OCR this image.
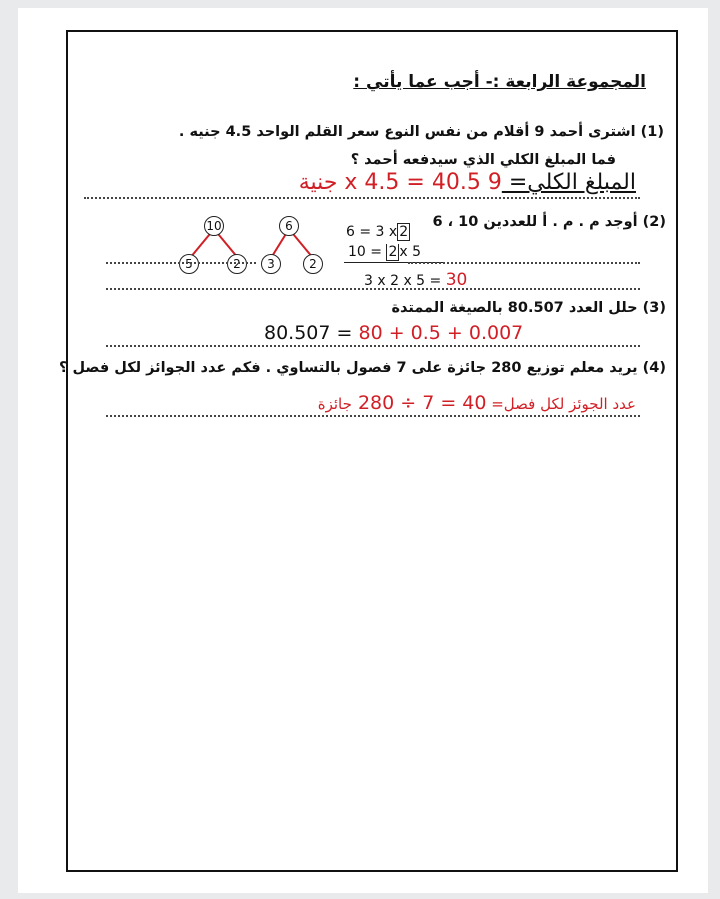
المجموعة الرابعة :- أجب عما يأتي :
(1) اشترى أحمد 9 أقلام من نفس النوع سعر القلم الواحد 4.5 جنيه .
فما المبلغ الكلي الذي سيدفعه أحمد ؟
المبلغ الكلي= 9 x 4.5 = 40.5 جنية
(2) أوجد م . م . أ للعددين 10 ، 6
10
5	2
6
3	2
6 = 3 x 2
10 = 2 x 5
3 x 2 x 5 = 30
(3) حلل العدد 80.507 بالصيغة الممتدة
80.507 = 80 + 0.5 + 0.007
(4) يريد معلم توزيع 280 جائزة على 7 فصول بالتساوي . فكم عدد الجوائز لكل فصل ؟
عدد الجوئز لكل فصل= 280 ÷ 7 = 40 جائزة
